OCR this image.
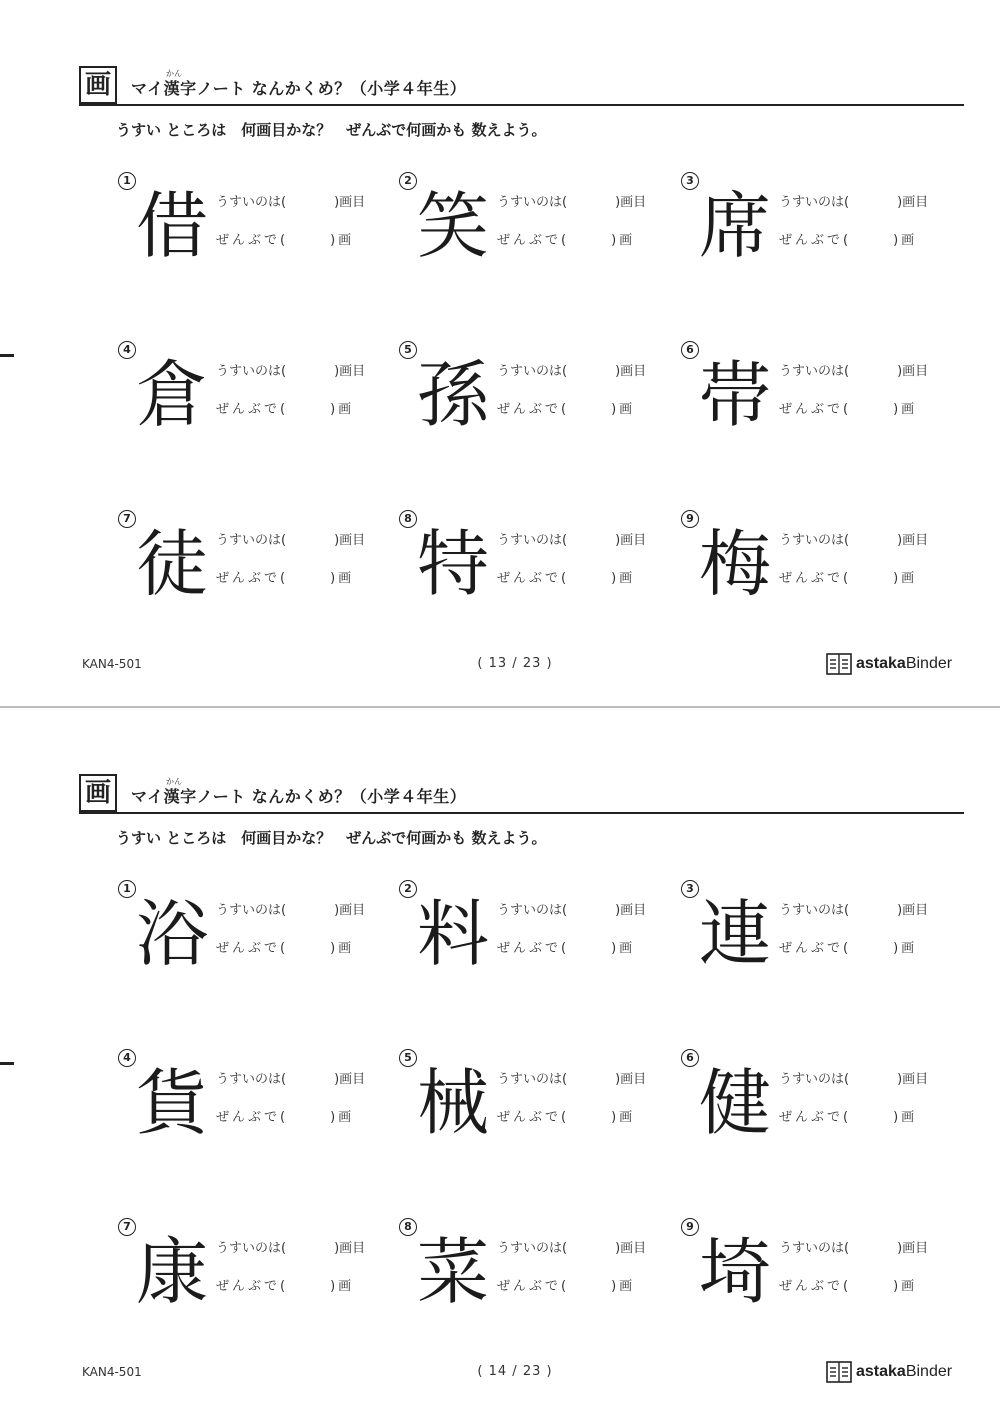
画	かん
マイ漢字ノート なんかくめ？（小学４年生）
うすい ところは　何画目かな？　ぜんぶで何画かも 数えよう。
1
借 うすいのは(	)画目
ぜんぶで(	)画
2
笑 うすいのは(	)画目
ぜんぶで(	)画
3
席 うすいのは(	)画目
ぜんぶで(	)画
4
倉 うすいのは(	)画目
ぜんぶで(	)画
5
孫 うすいのは(	)画目
ぜんぶで(	)画
6
帯 うすいのは(	)画目
ぜんぶで(	)画
7
徒 うすいのは(	)画目
ぜんぶで(	)画
8
特 うすいのは(	)画目
ぜんぶで(	)画
9
梅 うすいのは(	)画目
ぜんぶで(	)画
KAN4-501	( 13 / 23 )	astakaBinder
画	かん
マイ漢字ノート なんかくめ？（小学４年生）
うすい ところは　何画目かな？　ぜんぶで何画かも 数えよう。
1
浴 うすいのは(	)画目
ぜんぶで(	)画
2
料 うすいのは(	)画目
ぜんぶで(	)画
3
連 うすいのは(	)画目
ぜんぶで(	)画
4
貨 うすいのは(	)画目
ぜんぶで(	)画
5
械 うすいのは(	)画目
ぜんぶで(	)画
6
健 うすいのは(	)画目
ぜんぶで(	)画
7
康 うすいのは(	)画目
ぜんぶで(	)画
8
菜 うすいのは(	)画目
ぜんぶで(	)画
9
埼 うすいのは(	)画目
ぜんぶで(	)画
KAN4-501	( 14 / 23 )	astakaBinder
